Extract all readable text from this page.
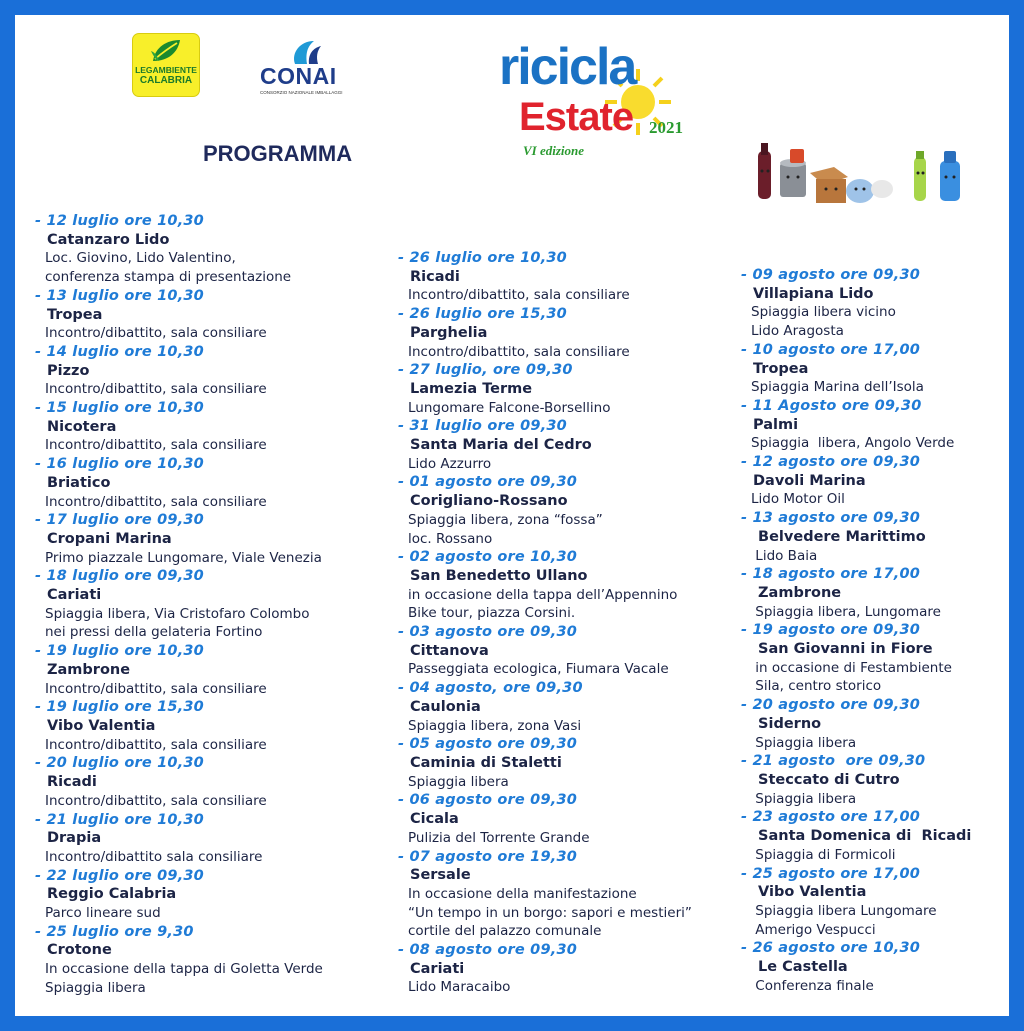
LEGAMBIENTE
CALABRIA	CONAI
CONSORZIO NAZIONALE IMBALLAGGI	ricicla
Estate 2021
VI edizione
PROGRAMMA
- 12 luglio ore 10,30
Catanzaro Lido
Loc. Giovino, Lido Valentino,
conferenza stampa di presentazione
- 13 luglio ore 10,30
Tropea
Incontro/dibattito, sala consiliare
- 14 luglio ore 10,30
Pizzo
Incontro/dibattito, sala consiliare
- 15 luglio ore 10,30
Nicotera
Incontro/dibattito, sala consiliare
- 16 luglio ore 10,30
Briatico
Incontro/dibattito, sala consiliare
- 17 luglio ore 09,30
Cropani Marina
Primo piazzale Lungomare, Viale Venezia
- 18 luglio ore 09,30
Cariati
Spiaggia libera, Via Cristofaro Colombo
nei pressi della gelateria Fortino
- 19 luglio ore 10,30
Zambrone
Incontro/dibattito, sala consiliare
- 19 luglio ore 15,30
Vibo Valentia
Incontro/dibattito, sala consiliare
- 20 luglio ore 10,30
Ricadi
Incontro/dibattito, sala consiliare
- 21 luglio ore 10,30
Drapia
Incontro/dibattito sala consiliare
- 22 luglio ore 09,30
Reggio Calabria
Parco lineare sud
- 25 luglio ore 9,30
Crotone
In occasione della tappa di Goletta Verde
Spiaggia libera
- 26 luglio ore 10,30
Ricadi
Incontro/dibattito, sala consiliare
- 26 luglio ore 15,30
Parghelia
Incontro/dibattito, sala consiliare
- 27 luglio, ore 09,30
Lamezia Terme
Lungomare Falcone-Borsellino
- 31 luglio ore 09,30
Santa Maria del Cedro
Lido Azzurro
- 01 agosto ore 09,30
Corigliano-Rossano
Spiaggia libera, zona “fossa”
loc. Rossano
- 02 agosto ore 10,30
San Benedetto Ullano
in occasione della tappa dell’Appennino
Bike tour, piazza Corsini.
- 03 agosto ore 09,30
Cittanova
Passeggiata ecologica, Fiumara Vacale
- 04 agosto, ore 09,30
Caulonia
Spiaggia libera, zona Vasi
- 05 agosto ore 09,30
Caminia di Staletti
Spiaggia libera
- 06 agosto ore 09,30
Cicala
Pulizia del Torrente Grande
- 07 agosto ore 19,30
Sersale
In occasione della manifestazione
“Un tempo in un borgo: sapori e mestieri”
cortile del palazzo comunale
- 08 agosto ore 09,30
Cariati
Lido Maracaibo
- 09 agosto ore 09,30
Villapiana Lido
Spiaggia libera vicino
Lido Aragosta
- 10 agosto ore 17,00
Tropea
Spiaggia Marina dell’Isola
- 11 Agosto ore 09,30
Palmi
Spiaggia  libera, Angolo Verde
- 12 agosto ore 09,30
Davoli Marina
Lido Motor Oil
- 13 agosto ore 09,30
Belvedere Marittimo
Lido Baia
- 18 agosto ore 17,00
Zambrone
Spiaggia libera, Lungomare
- 19 agosto ore 09,30
San Giovanni in Fiore
in occasione di Festambiente
Sila, centro storico
- 20 agosto ore 09,30
Siderno
Spiaggia libera
- 21 agosto  ore 09,30
Steccato di Cutro
Spiaggia libera
- 23 agosto ore 17,00
Santa Domenica di  Ricadi
Spiaggia di Formicoli
- 25 agosto ore 17,00
Vibo Valentia
Spiaggia libera Lungomare
Amerigo Vespucci
- 26 agosto ore 10,30
Le Castella
Conferenza finale
